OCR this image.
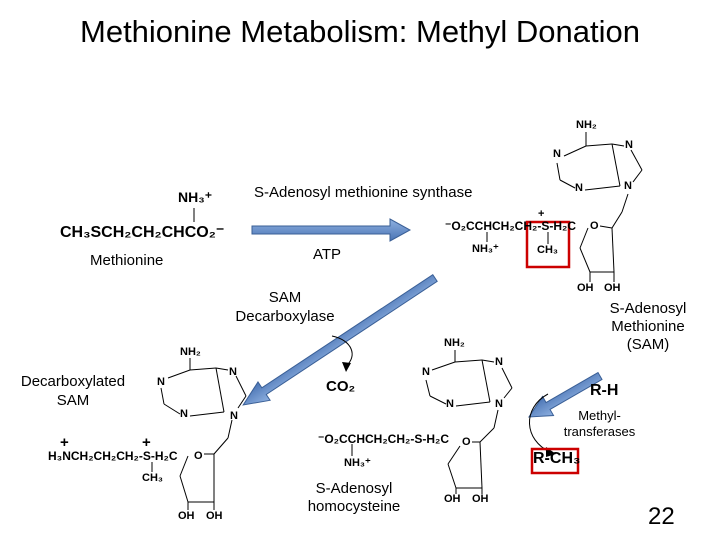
Methionine Metabolism: Methyl Donation
NH₃⁺
CH₃SCH₂CH₂CHCO₂⁻
Methionine
S-Adenosyl methionine synthase
ATP
NH₂
N
N
N	N
+
⁻O₂CCHCH₂CH₂-S-H₂C O
NH₃⁺	CH₃
OH OH
S-Adenosyl
Methionine
(SAM)
SAM
Decarboxylase
CO₂
Decarboxylated
SAM
NH₂
N
N
N	N
+	+
H₃NCH₂CH₂CH₂-S-H₂C O
CH₃
OH OH
NH₂
N
N
N	N
⁻O₂CCHCH₂CH₂-S-H₂C O
NH₃⁺
OH OH
S-Adenosyl
homocysteine
R-H
Methyl-
transferases
R-CH₃
22
